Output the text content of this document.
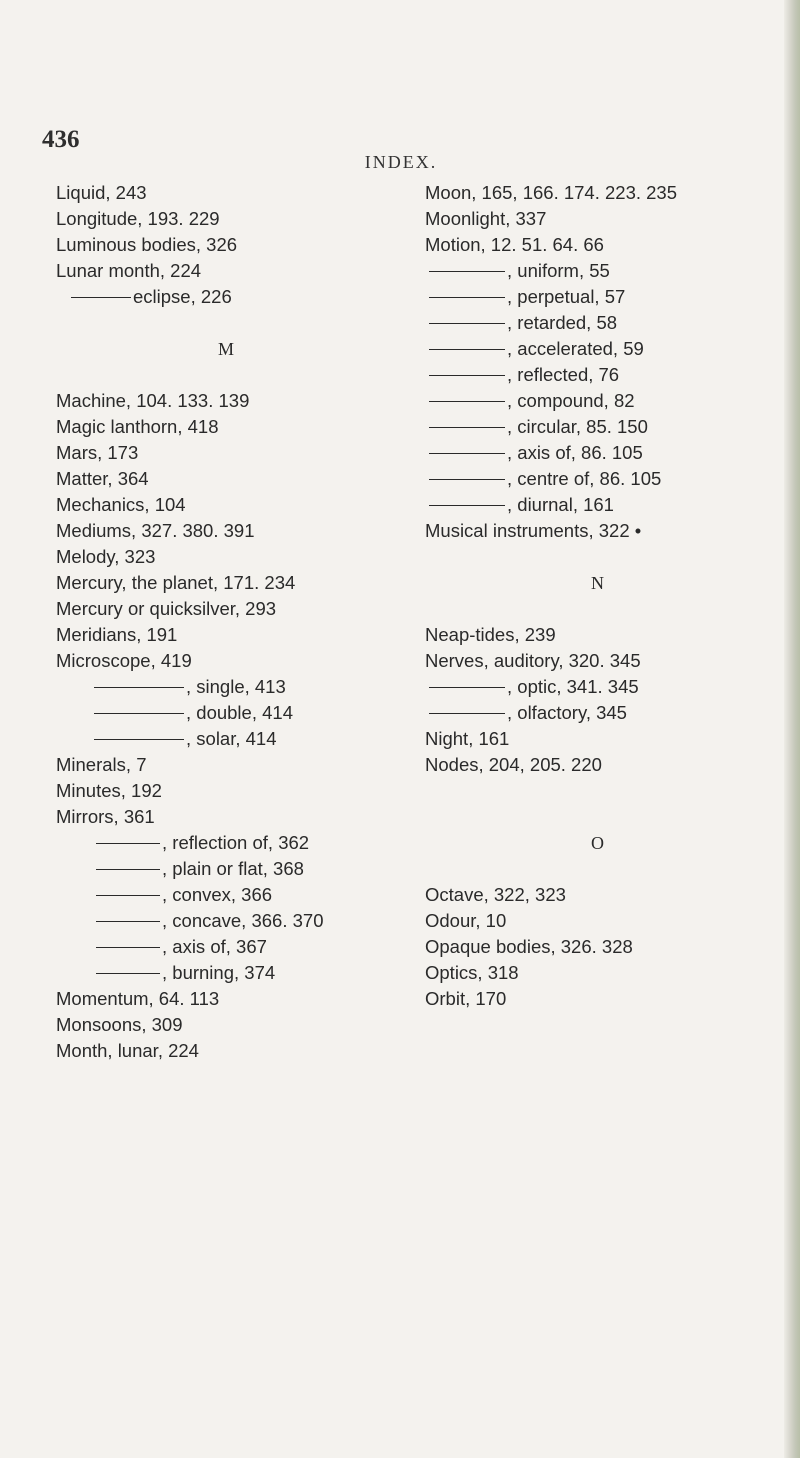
436
INDEX.
Liquid, 243
Longitude, 193. 229
Luminous bodies, 326
Lunar month, 224
eclipse, 226
M
Machine, 104. 133. 139
Magic lanthorn, 418
Mars, 173
Matter, 364
Mechanics, 104
Mediums, 327. 380. 391
Melody, 323
Mercury, the planet, 171. 234
Mercury or quicksilver, 293
Meridians, 191
Microscope, 419
, single, 413
, double, 414
, solar, 414
Minerals, 7
Minutes, 192
Mirrors, 361
, reflection of, 362
, plain or flat, 368
, convex, 366
, concave, 366. 370
, axis of, 367
, burning, 374
Momentum, 64. 113
Monsoons, 309
Month, lunar, 224
Moon, 165, 166. 174. 223. 235
Moonlight, 337
Motion, 12. 51. 64. 66
, uniform, 55
, perpetual, 57
, retarded, 58
, accelerated, 59
, reflected, 76
, compound, 82
, circular, 85. 150
, axis of, 86. 105
, centre of, 86. 105
, diurnal, 161
Musical instruments, 322 •
N
Neap-tides, 239
Nerves, auditory, 320. 345
, optic, 341. 345
, olfactory, 345
Night, 161
Nodes, 204, 205. 220
O
Octave, 322, 323
Odour, 10
Opaque bodies, 326. 328
Optics, 318
Orbit, 170
